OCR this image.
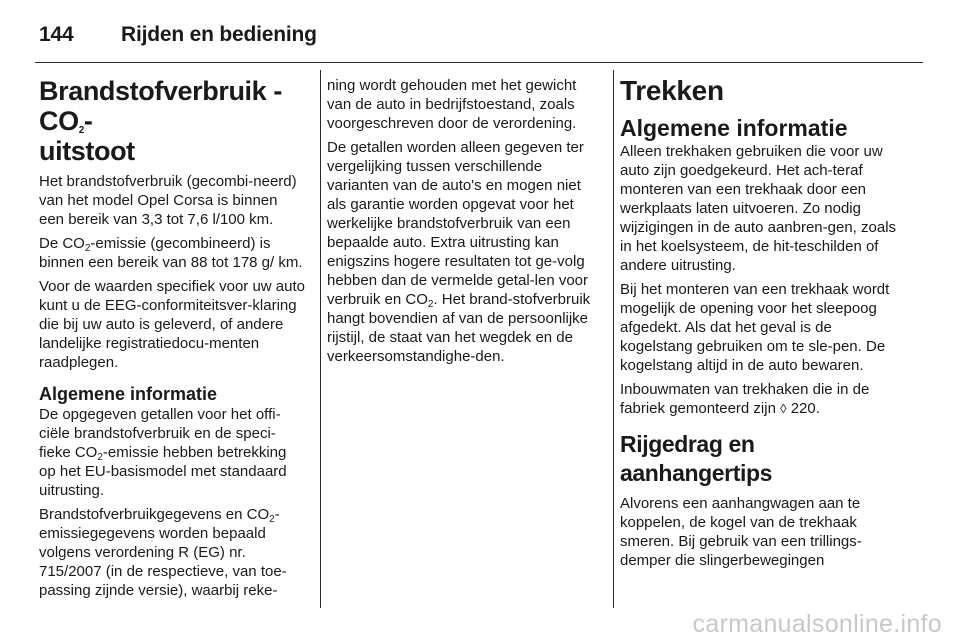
144	Rijden en bediening
Brandstofverbruik - $CO_2-$
uitstoot

Het brandstofverbruik (gecombi-neerd) van het model Opel Corsa is binnen een bereik van 3,3 tot 7,6 l/100 km.

De $CO_2$-emissie (gecombineerd) is binnen een bereik van 88 tot 178 g/ km.

Voor de waarden specifiek voor uw auto kunt u de EEG-conformiteitsver-klaring die bij uw auto is geleverd, of andere landelijke registratiedocu-menten raadplegen.

Algemene informatie

De opgegeven getallen voor het offi-ciële brandstofverbruik en de speci-fieke $CO_2$-emissie hebben betrekking op het EU-basismodel met standaard uitrusting.

Brandstofverbruikgegevens en $CO_2$-emissiegegevens worden bepaald volgens verordening R (EG) nr. 715/2007 (in de respectieve, van toe-passing zijnde versie), waarbij reke-

ning wordt gehouden met het gewicht van de auto in bedrijfstoestand, zoals voorgeschreven door de verordening.

De getallen worden alleen gegeven ter vergelijking tussen verschillende varianten van de auto's en mogen niet als garantie worden opgevat voor het werkelijke brandstofverbruik van een bepaalde auto. Extra uitrusting kan enigszins hogere resultaten tot ge-volg hebben dan de vermelde getal-len voor verbruik en $CO_2$. Het brand-stofverbruik hangt bovendien af van de persoonlijke rijstijl, de staat van het wegdek en de verkeersomstandighe-den.

Trekken
Algemene informatie

Alleen trekhaken gebruiken die voor uw auto zijn goedgekeurd. Het ach-teraf monteren van een trekhaak door een werkplaats laten uitvoeren. Zo nodig wijzigingen in de auto aanbren-gen, zoals in het koelsysteem, de hit-teschilden of andere uitrusting.

Bij het monteren van een trekhaak wordt mogelijk de opening voor het sleepoog afgedekt. Als dat het geval is de kogelstang gebruiken om te sle-pen. De kogelstang altijd in de auto bewaren.

Inbouwmaten van trekhaken die in de fabriek gemonteerd zijn ◊ 220.

Rijgedrag en
aanhangertips

Alvorens een aanhangwagen aan te koppelen, de kogel van de trekhaak smeren. Bij gebruik van een trillings-demper die slingerbewegingen

carmanualsonline.info
